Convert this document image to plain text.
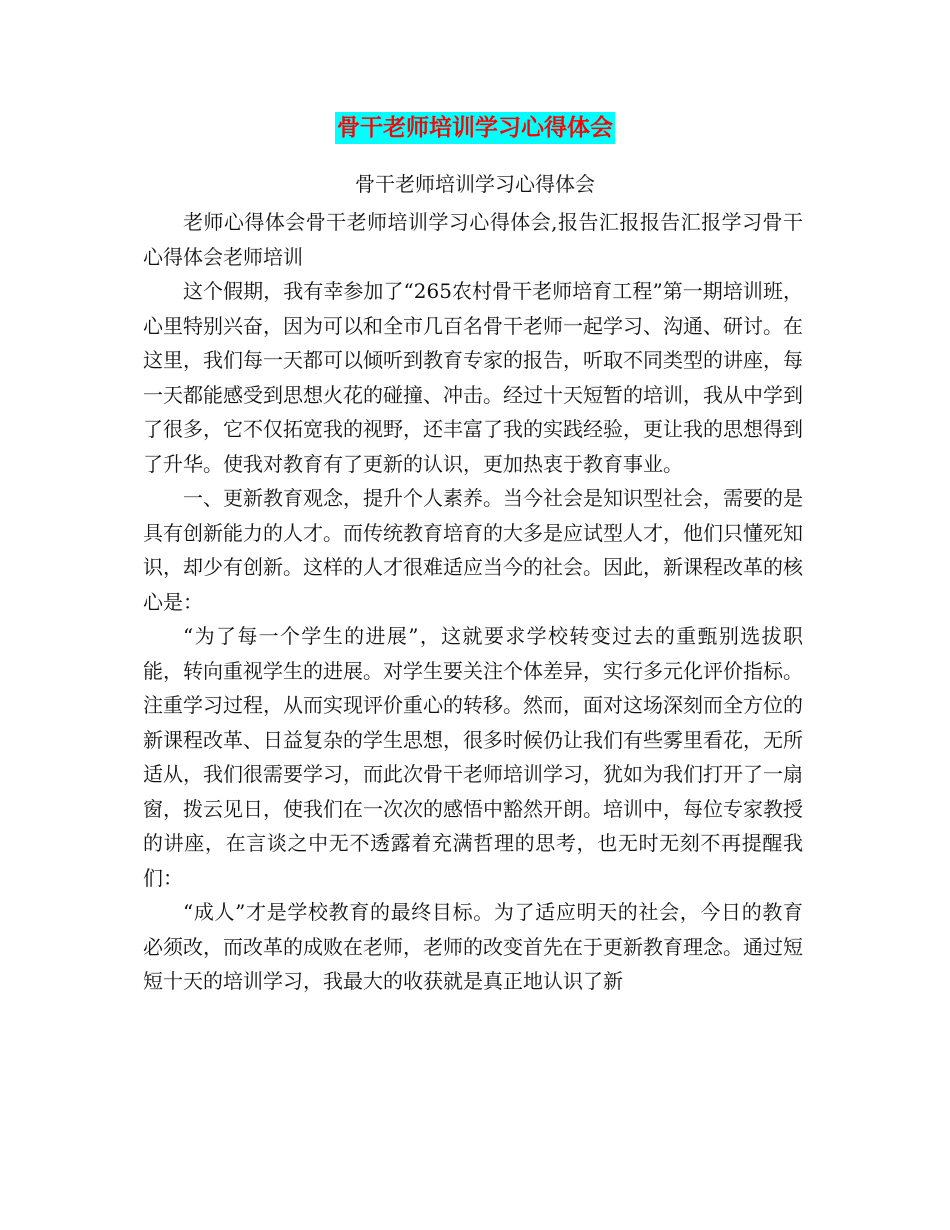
骨干老师培训学习心得体会
骨干老师培训学习心得体会

老师心得体会骨干老师培训学习心得体会,报告汇报报告汇报学习骨干心得体会老师培训

这个假期，我有幸参加了“265农村骨干老师培育工程”第一期培训班，心里特别兴奋，因为可以和全市几百名骨干老师一起学习、沟通、研讨。在这里，我们每一天都可以倾听到教育专家的报告，听取不同类型的讲座，每一天都能感受到思想火花的碰撞、冲击。经过十天短暂的培训，我从中学到了很多，它不仅拓宽我的视野，还丰富了我的实践经验，更让我的思想得到了升华。使我对教育有了更新的认识，更加热衷于教育事业。

一、更新教育观念，提升个人素养。当今社会是知识型社会，需要的是具有创新能力的人才。而传统教育培育的大多是应试型人才，他们只懂死知识，却少有创新。这样的人才很难适应当今的社会。因此，新课程改革的核心是：

“为了每一个学生的进展”，这就要求学校转变过去的重甄别选拔职能，转向重视学生的进展。对学生要关注个体差异，实行多元化评价指标。注重学习过程，从而实现评价重心的转移。然而，面对这场深刻而全方位的新课程改革、日益复杂的学生思想，很多时候仍让我们有些雾里看花，无所适从，我们很需要学习，而此次骨干老师培训学习，犹如为我们打开了一扇窗，拨云见日，使我们在一次次的感悟中豁然开朗。培训中，每位专家教授的讲座，在言谈之中无不透露着充满哲理的思考，也无时无刻不再提醒我们：

“成人”才是学校教育的最终目标。为了适应明天的社会，今日的教育必须改，而改革的成败在老师，老师的改变首先在于更新教育理念。通过短短十天的培训学习，我最大的收获就是真正地认识了新
